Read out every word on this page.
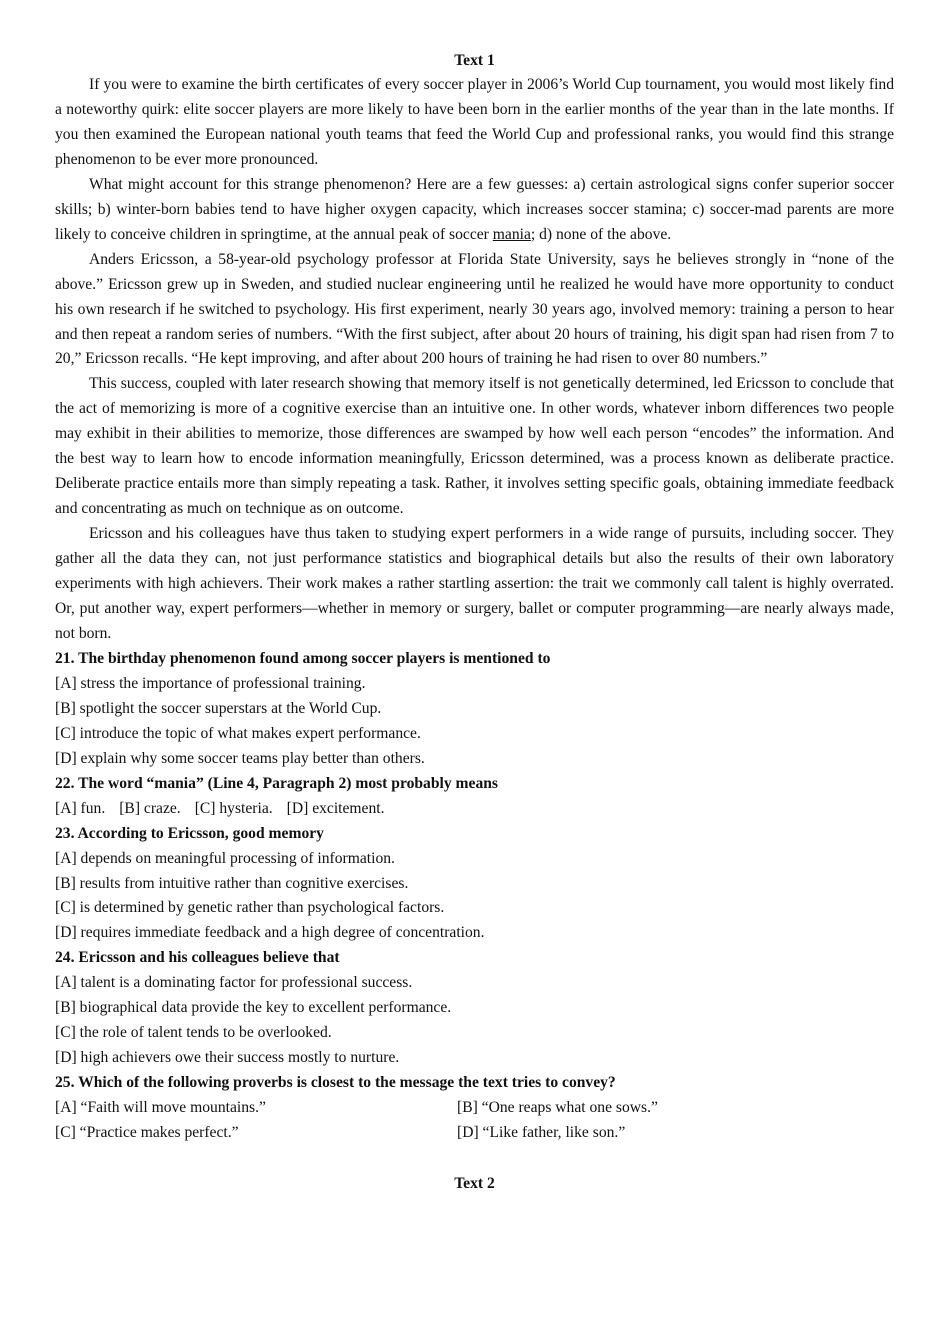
Text 1

If you were to examine the birth certificates of every soccer player in 2006’s World Cup tournament, you would most likely find a noteworthy quirk: elite soccer players are more likely to have been born in the earlier months of the year than in the late months. If you then examined the European national youth teams that feed the World Cup and professional ranks, you would find this strange phenomenon to be ever more pronounced.

What might account for this strange phenomenon? Here are a few guesses: a) certain astrological signs confer superior soccer skills; b) winter-born babies tend to have higher oxygen capacity, which increases soccer stamina; c) soccer-mad parents are more likely to conceive children in springtime, at the annual peak of soccer mania; d) none of the above.

Anders Ericsson, a 58-year-old psychology professor at Florida State University, says he believes strongly in “none of the above.” Ericsson grew up in Sweden, and studied nuclear engineering until he realized he would have more opportunity to conduct his own research if he switched to psychology. His first experiment, nearly 30 years ago, involved memory: training a person to hear and then repeat a random series of numbers. “With the first subject, after about 20 hours of training, his digit span had risen from 7 to 20,” Ericsson recalls. “He kept improving, and after about 200 hours of training he had risen to over 80 numbers.”

This success, coupled with later research showing that memory itself is not genetically determined, led Ericsson to conclude that the act of memorizing is more of a cognitive exercise than an intuitive one. In other words, whatever inborn differences two people may exhibit in their abilities to memorize, those differences are swamped by how well each person “encodes” the information. And the best way to learn how to encode information meaningfully, Ericsson determined, was a process known as deliberate practice. Deliberate practice entails more than simply repeating a task. Rather, it involves setting specific goals, obtaining immediate feedback and concentrating as much on technique as on outcome.

Ericsson and his colleagues have thus taken to studying expert performers in a wide range of pursuits, including soccer. They gather all the data they can, not just performance statistics and biographical details but also the results of their own laboratory experiments with high achievers. Their work makes a rather startling assertion: the trait we commonly call talent is highly overrated. Or, put another way, expert performers—whether in memory or surgery, ballet or computer programming—are nearly always made, not born.

21. The birthday phenomenon found among soccer players is mentioned to

[A] stress the importance of professional training.

[B] spotlight the soccer superstars at the World Cup.

[C] introduce the topic of what makes expert performance.

[D] explain why some soccer teams play better than others.

22. The word “mania” (Line 4, Paragraph 2) most probably means

[A] fun. [B] craze. [C] hysteria. [D] excitement.

23. According to Ericsson, good memory

[A] depends on meaningful processing of information.

[B] results from intuitive rather than cognitive exercises.

[C] is determined by genetic rather than psychological factors.

[D] requires immediate feedback and a high degree of concentration.

24. Ericsson and his colleagues believe that

[A] talent is a dominating factor for professional success.

[B] biographical data provide the key to excellent performance.

[C] the role of talent tends to be overlooked.

[D] high achievers owe their success mostly to nurture.

25. Which of the following proverbs is closest to the message the text tries to convey?

[A] “Faith will move mountains.”	[B] “One reaps what one sows.”
[C] “Practice makes perfect.”	[D] “Like father, like son.”

Text 2
